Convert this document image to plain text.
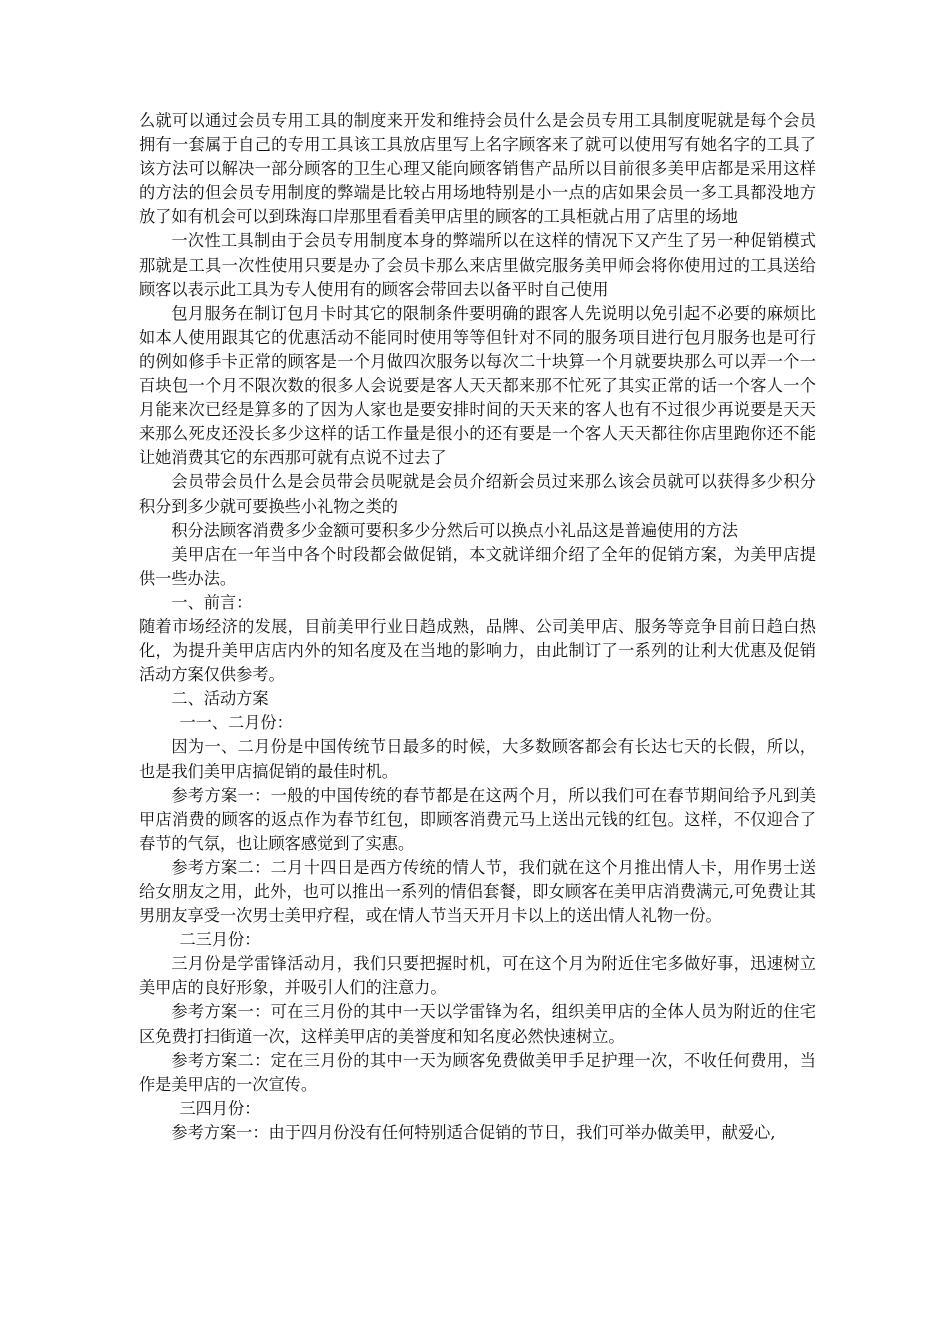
么就可以通过会员专用工具的制度来开发和维持会员什么是会员专用工具制度呢就是每个会员拥有一套属于自己的专用工具该工具放店里写上名字顾客来了就可以使用写有她名字的工具了该方法可以解决一部分顾客的卫生心理又能向顾客销售产品所以目前很多美甲店都是采用这样的方法的但会员专用制度的弊端是比较占用场地特别是小一点的店如果会员一多工具都没地方放了如有机会可以到珠海口岸那里看看美甲店里的顾客的工具柜就占用了店里的场地

一次性工具制由于会员专用制度本身的弊端所以在这样的情况下又产生了另一种促销模式那就是工具一次性使用只要是办了会员卡那么来店里做完服务美甲师会将你使用过的工具送给顾客以表示此工具为专人使用有的顾客会带回去以备平时自己使用

包月服务在制订包月卡时其它的限制条件要明确的跟客人先说明以免引起不必要的麻烦比如本人使用跟其它的优惠活动不能同时使用等等但针对不同的服务项目进行包月服务也是可行的例如修手卡正常的顾客是一个月做四次服务以每次二十块算一个月就要块那么可以弄一个一百块包一个月不限次数的很多人会说要是客人天天都来那不忙死了其实正常的话一个客人一个月能来次已经是算多的了因为人家也是要安排时间的天天来的客人也有不过很少再说要是天天来那么死皮还没长多少这样的话工作量是很小的还有要是一个客人天天都往你店里跑你还不能让她消费其它的东西那可就有点说不过去了

会员带会员什么是会员带会员呢就是会员介绍新会员过来那么该会员就可以获得多少积分积分到多少就可要换些小礼物之类的

积分法顾客消费多少金额可要积多少分然后可以换点小礼品这是普遍使用的方法

美甲店在一年当中各个时段都会做促销，本文就详细介绍了全年的促销方案，为美甲店提供一些办法。

一、前言：

随着市场经济的发展，目前美甲行业日趋成熟，品牌、公司美甲店、服务等竞争目前日趋白热化，为提升美甲店店内外的知名度及在当地的影响力，由此制订了一系列的让利大优惠及促销活动方案仅供参考。

二、活动方案

一一、二月份：

因为一、二月份是中国传统节日最多的时候，大多数顾客都会有长达七天的长假，所以，也是我们美甲店搞促销的最佳时机。

参考方案一：一般的中国传统的春节都是在这两个月，所以我们可在春节期间给予凡到美甲店消费的顾客的返点作为春节红包，即顾客消费元马上送出元钱的红包。这样，不仅迎合了春节的气氛，也让顾客感觉到了实惠。

参考方案二：二月十四日是西方传统的情人节，我们就在这个月推出情人卡，用作男士送给女朋友之用，此外，也可以推出一系列的情侣套餐，即女顾客在美甲店消费满元,可免费让其男朋友享受一次男士美甲疗程，或在情人节当天开月卡以上的送出情人礼物一份。

二三月份：

三月份是学雷锋活动月，我们只要把握时机，可在这个月为附近住宅多做好事，迅速树立美甲店的良好形象，并吸引人们的注意力。

参考方案一：可在三月份的其中一天以学雷锋为名，组织美甲店的全体人员为附近的住宅区免费打扫街道一次，这样美甲店的美誉度和知名度必然快速树立。

参考方案二：定在三月份的其中一天为顾客免费做美甲手足护理一次，不收任何费用，当作是美甲店的一次宣传。

三四月份：

参考方案一：由于四月份没有任何特别适合促销的节日，我们可举办做美甲，献爱心,
